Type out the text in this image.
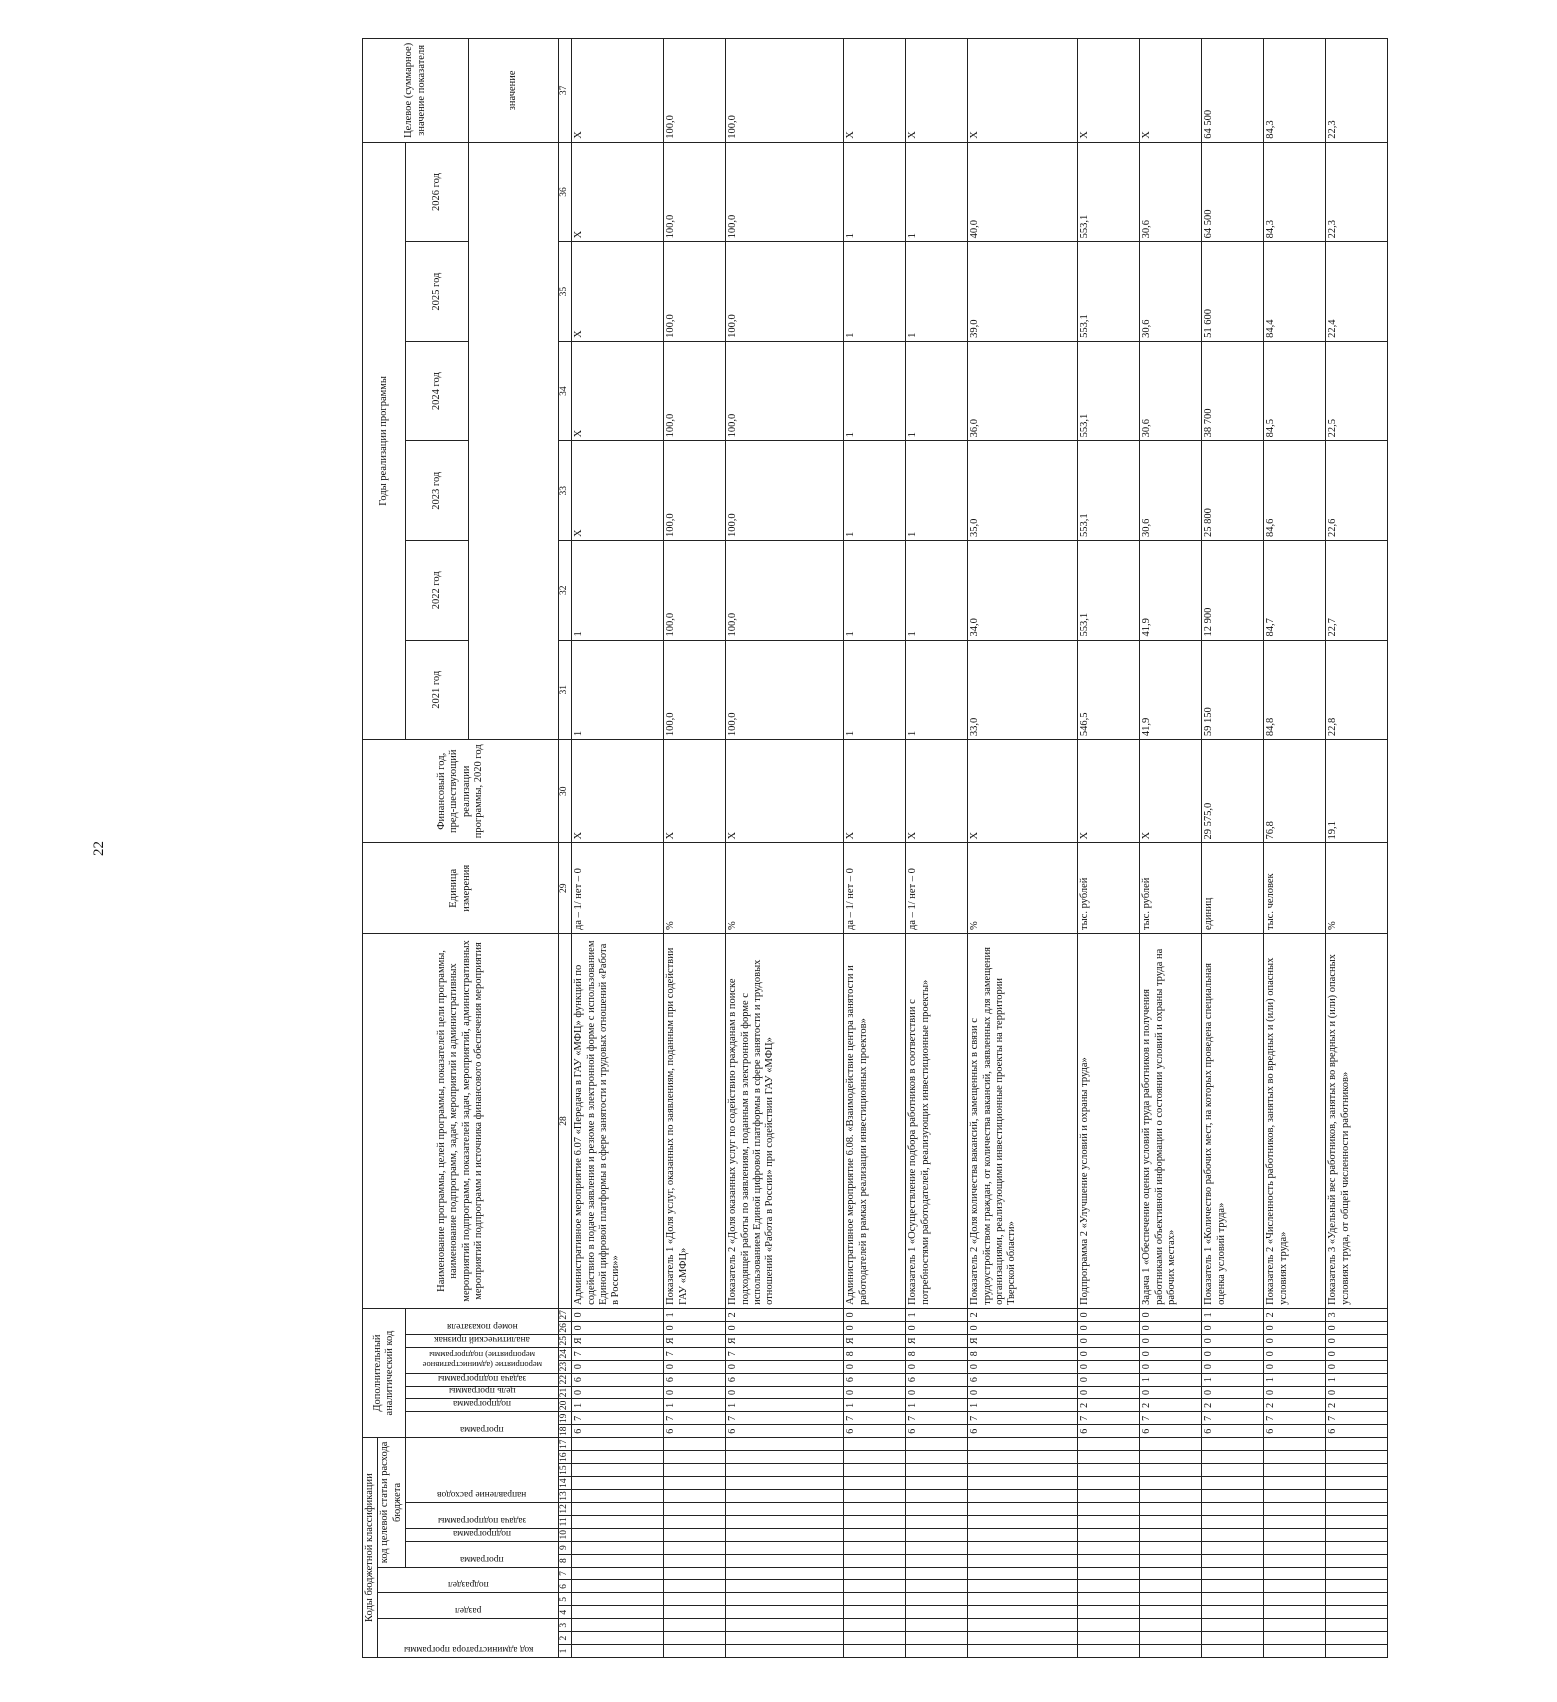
22
Коды бюджетной классификации																	Дополнительный аналитический код										Наименование программы, целей программы, показателей цели программы, наименование подпрограмм, задач, мероприятий и административных мероприятий подпрограмм, показателей задач, мероприятий, административных мероприятий подпрограмм и источника финансового обеспечения мероприятия	Единица измерения	Финансовый год, пред-шествующий реализации программы, 2020 год	Годы реализации программы						Целевое (суммарное) значение показателя

код администратора программы			раздел		подраздел		код целевой статьи расхода бюджета																													

							программа		подпрограмма	задача подпрограммы		направление расходов					программа		подпрограмма	цель программы	задача подпрограммы	мероприятие (административное мероприятие) подпрограммы		аналитический признак	номер показателя					2021 год	2022 год	2023 год	2024 год	2025 год	2026 год	
																																				значение
1	2	3	4	5	6	7	8	9	10	11	12	13	14	15	16	17	18	19	20	21	22	23	24	25	26	27	28	29	30	31	32	33	34	35	36	37
																	6	7	1	0	6	0	7	Я	0	0	Административное мероприятие 6.07 «Передача в ГАУ «МФЦ» функций по содействию в подаче заявления и резюме в электронной форме с использованием Единой цифровой платформы в сфере занятости и трудовых отношений «Работа в России»»	да – 1/ нет – 0	Х	1	1	Х	Х	Х	Х	Х
																	6	7	1	0	6	0	7	Я	0	1	Показатель 1 «Доля услуг, оказанных по заявлениям, поданным при содействии ГАУ «МФЦ»	%	Х	100,0	100,0	100,0	100,0	100,0	100,0	100,0
																	6	7	1	0	6	0	7	Я	0	2	Показатель 2 «Доля оказанных услуг по содействию гражданам в поиске подходящей работы по заявлениям, поданным в электронной форме с использованием Единой цифровой платформы в сфере занятости и трудовых отношений «Работа в России» при содействии ГАУ «МФЦ»	%	Х	100,0	100,0	100,0	100,0	100,0	100,0	100,0
																	6	7	1	0	6	0	8	Я	0	0	Административное мероприятие 6.08. «Взаимодействие центра занятости и работодателей в рамках реализации инвестиционных проектов»	да – 1/ нет – 0	Х	1	1	1	1	1	1	Х
																	6	7	1	0	6	0	8	Я	0	1	Показатель 1 «Осуществление подбора работников в соответствии с потребностями работодателей, реализующих инвестиционные проекты»	да – 1/ нет – 0	Х	1	1	1	1	1	1	Х
																	6	7	1	0	6	0	8	Я	0	2	Показатель 2 «Доля количества вакансий, замещенных в связи с трудоустройством граждан, от количества вакансий, заявленных для замещения организациями, реализующими инвестиционные проекты на территории Тверской области»	%	Х	33,0	34,0	35,0	36,0	39,0	40,0	Х
																	6	7	2	0	0	0	0	0	0	0	Подпрограмма 2 «Улучшение условий и охраны труда»	тыс. рублей	Х	546,5	553,1	553,1	553,1	553,1	553,1	Х
																	6	7	2	0	1	0	0	0	0	0	Задача 1 «Обеспечение оценки условий труда работников и получения работниками объективной информации о состоянии условий и охраны труда на рабочих местах»	тыс. рублей	Х	41,9	41,9	30,6	30,6	30,6	30,6	Х
																	6	7	2	0	1	0	0	0	0	1	Показатель 1 «Количество рабочих мест, на которых проведена специальная оценка условий труда»	единиц	29 575,0	59 150	12 900	25 800	38 700	51 600	64 500	64 500
																	6	7	2	0	1	0	0	0	0	2	Показатель 2 «Численность работников, занятых во вредных и (или) опасных условиях труда»	тыс. человек	76,8	84,8	84,7	84,6	84,5	84,4	84,3	84,3
																	6	7	2	0	1	0	0	0	0	3	Показатель 3 «Удельный вес работников, занятых во вредных и (или) опасных условиях труда, от общей численности работников»	%	19,1	22,8	22,7	22,6	22,5	22,4	22,3	22,3
